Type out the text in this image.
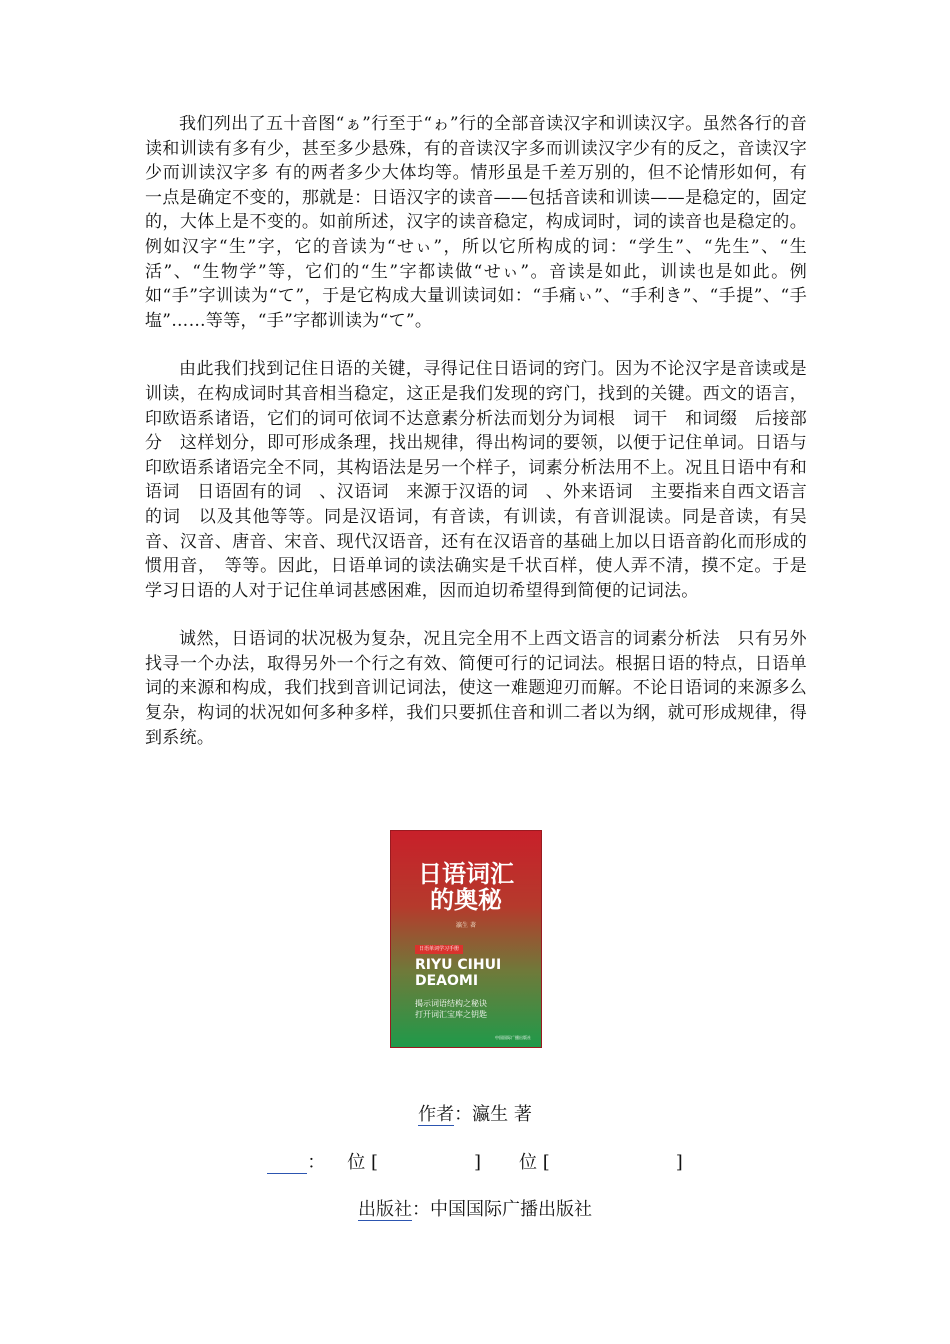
我们列出了五十音图“ぁ”行至于“ゎ”行的全部音读汉字和训读汉字。虽然各行的音读和训读有多有少，甚至多少悬殊，有的音读汉字多而训读汉字少有的反之，音读汉字少而训读汉字多 有的两者多少大体均等。情形虽是千差万别的，但不论情形如何，有一点是确定不变的，那就是：日语汉字的读音——包括音读和训读——是稳定的，固定的，大体上是不变的。如前所述，汉字的读音稳定，构成词时，词的读音也是稳定的。例如汉字“生”字，它的音读为“せぃ”，所以它所构成的词：“学生”、“先生”、“生活”、“生物学”等，它们的“生”字都读做“せぃ”。音读是如此，训读也是如此。例如“手”字训读为“て”，于是它构成大量训读词如：“手痛ぃ”、“手利き”、“手提”、“手塩”……等等，“手”字都训读为“て”。

由此我们找到记住日语的关键，寻得记住日语词的窍门。因为不论汉字是音读或是训读，在构成词时其音相当稳定，这正是我们发现的窍门，找到的关键。西文的语言，印欧语系诸语，它们的词可依词不达意素分析法而划分为词根　词干　和词缀　后接部分　这样划分，即可形成条理，找出规律，得出构词的要领，以便于记住单词。日语与印欧语系诸语完全不同，其构语法是另一个样子，词素分析法用不上。况且日语中有和语词　日语固有的词　、汉语词　来源于汉语的词　、外来语词　主要指来自西文语言的词　以及其他等等。同是汉语词，有音读，有训读，有音训混读。同是音读，有吴音、汉音、唐音、宋音、现代汉语音，还有在汉语音的基础上加以日语音韵化而形成的惯用音，　等等。因此，日语单词的读法确实是千状百样，使人弄不清，摸不定。于是学习日语的人对于记住单词甚感困难，因而迫切希望得到简便的记词法。

诚然，日语词的状况极为复杂，况且完全用不上西文语言的词素分析法　只有另外找寻一个办法，取得另外一个行之有效、简便可行的记词法。根据日语的特点，日语单词的来源和构成，我们找到音训记词法，使这一难题迎刃而解。不论日语词的来源多么复杂，构词的状况如何多种多样，我们只要抓住音和训二者以为纲，就可形成规律，得到系统。

日语词汇
的奥秘
瀛生 著
日语单词学习手册
RIYU CIHUI
DEAOMI
揭示词语结构之秘诀
打开词汇宝库之钥匙
中国国际广播出版社
作者：瀛生 著
： 位 [	] 位 [	]
出版社：中国国际广播出版社
